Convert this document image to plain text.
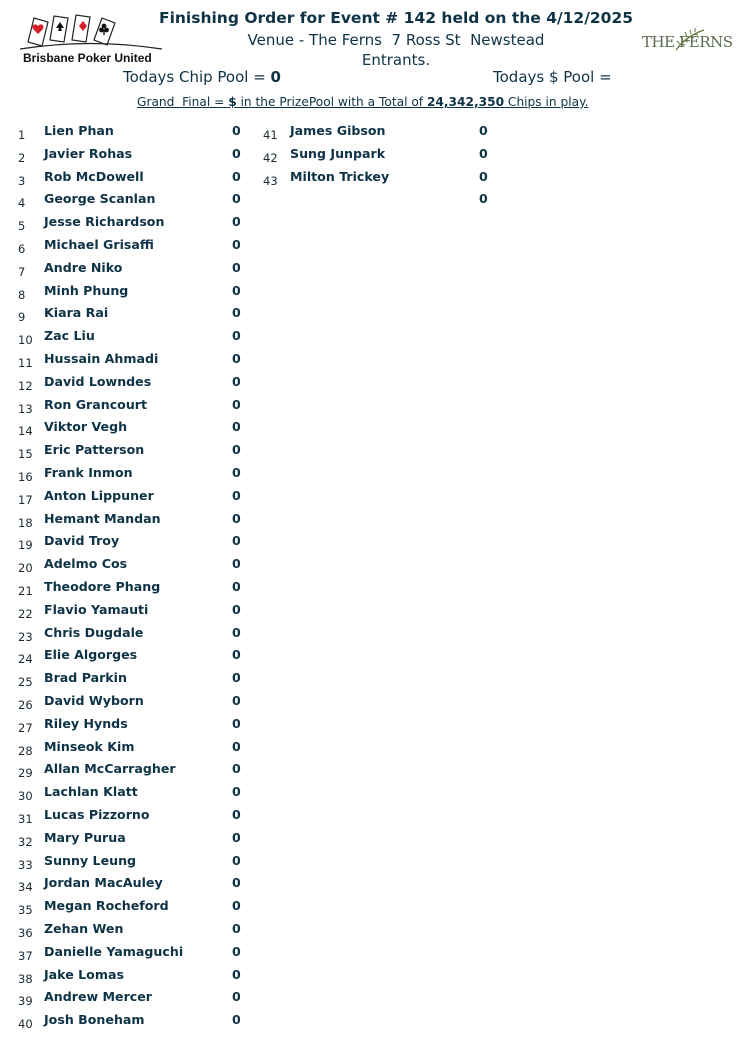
Brisbane Poker United
THE FERNS
Finishing Order for Event # 142 held on the 4/12/2025
Venue - The Ferns  7 Ross St  Newstead
Entrants.
Todays Chip Pool = 0	Todays $ Pool =
Grand  Final = $ in the PrizePool with a Total of 24,342,350 Chips in play.
1 Lien Phan	0
2 Javier Rohas	0
3 Rob McDowell	0
4 George Scanlan	0
5 Jesse Richardson	0
6 Michael Grisaffi	0
7 Andre Niko	0
8 Minh Phung	0
9 Kiara Rai	0
10 Zac Liu	0
11 Hussain Ahmadi	0
12 David Lowndes	0
13 Ron Grancourt	0
14 Viktor Vegh	0
15 Eric Patterson	0
16 Frank Inmon	0
17 Anton Lippuner	0
18 Hemant Mandan	0
19 David Troy	0
20 Adelmo Cos	0
21 Theodore Phang	0
22 Flavio Yamauti	0
23 Chris Dugdale	0
24 Elie Algorges	0
25 Brad Parkin	0
26 David Wyborn	0
27 Riley Hynds	0
28 Minseok Kim	0
29 Allan McCarragher	0
30 Lachlan Klatt	0
31 Lucas Pizzorno	0
32 Mary Purua	0
33 Sunny Leung	0
34 Jordan MacAuley	0
35 Megan Rocheford	0
36 Zehan Wen	0
37 Danielle Yamaguchi	0
38 Jake Lomas	0
39 Andrew Mercer	0
40 Josh Boneham	0
41 James Gibson	0
42 Sung Junpark	0
43 Milton Trickey	0
0
